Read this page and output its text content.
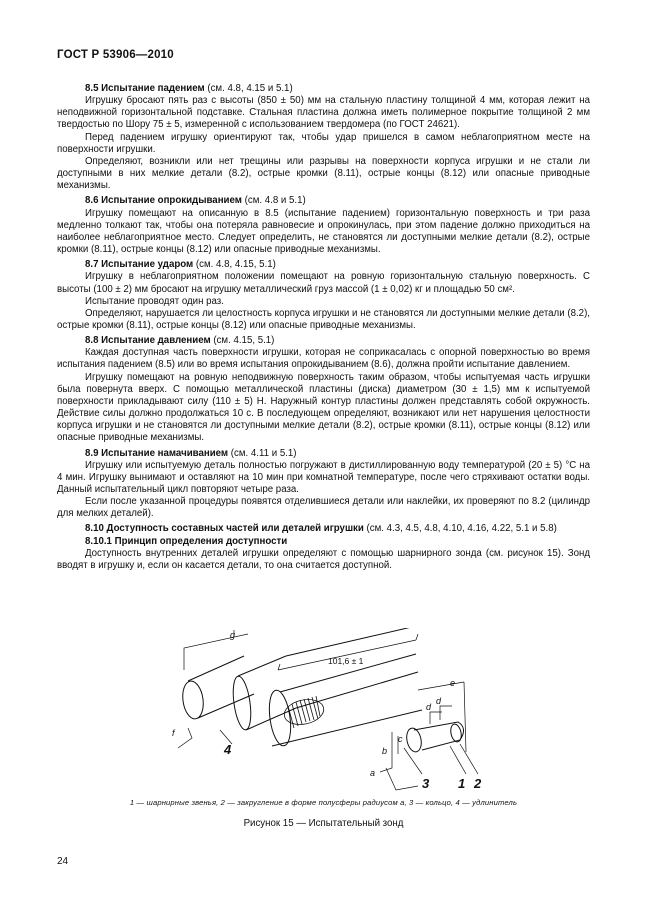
ГОСТ Р 53906—2010

8.5 Испытание падением (см. 4.8, 4.15 и 5.1)

Игрушку бросают пять раз с высоты (850 ± 50) мм на стальную пластину толщиной 4 мм, которая лежит на неподвижной горизонтальной подставке. Стальная пластина должна иметь полимерное покрытие толщиной 2 мм твердостью по Шору 75 ± 5, измеренной с использованием твердомера (по ГОСТ 24621).

Перед падением игрушку ориентируют так, чтобы удар пришелся в самом неблагоприятном месте на поверхности игрушки.

Определяют, возникли или нет трещины или разрывы на поверхности корпуса игрушки и не стали ли доступными в них мелкие детали (8.2), острые кромки (8.11), острые концы (8.12) или опасные приводные механизмы.

8.6 Испытание опрокидыванием (см. 4.8 и 5.1)

Игрушку помещают на описанную в 8.5 (испытание падением) горизонтальную поверхность и три раза медленно толкают так, чтобы она потеряла равновесие и опрокинулась, при этом падение должно приходиться на наиболее неблагоприятное место. Следует определить, не становятся ли доступными мелкие детали (8.2), острые кромки (8.11), острые концы (8.12) или опасные приводные механизмы.

8.7 Испытание ударом (см. 4.8, 4.15, 5.1)

Игрушку в неблагоприятном положении помещают на ровную горизонтальную стальную поверхность. С высоты (100 ± 2) мм бросают на игрушку металлический груз массой (1 ± 0,02) кг и площадью 50 см².

Испытание проводят один раз.

Определяют, нарушается ли целостность корпуса игрушки и не становятся ли доступными мелкие детали (8.2), острые кромки (8.11), острые концы (8.12) или опасные приводные механизмы.

8.8 Испытание давлением (см. 4.15, 5.1)

Каждая доступная часть поверхности игрушки, которая не соприкасалась с опорной поверхностью во время испытания падением (8.5) или во время испытания опрокидыванием (8.6), должна пройти испытание давлением.

Игрушку помещают на ровную неподвижную поверхность таким образом, чтобы испытуемая часть игрушки была повернута вверх. С помощью металлической пластины (диска) диаметром (30 ± 1,5) мм к испытуемой поверхности прикладывают силу (110 ± 5) Н. Наружный контур пластины должен представлять собой окружность. Действие силы должно продолжаться 10 с. В последующем определяют, возникают или нет нарушения целостности корпуса игрушки и не становятся ли доступными мелкие детали (8.2), острые кромки (8.11), острые концы (8.12) или опасные приводные механизмы.

8.9 Испытание намачиванием (см. 4.11 и 5.1)

Игрушку или испытуемую деталь полностью погружают в дистиллированную воду температурой (20 ± 5) °С на 4 мин. Игрушку вынимают и оставляют на 10 мин при комнатной температуре, после чего стряхивают остатки воды. Данный испытательный цикл повторяют четыре раза.

Если после указанной процедуры появятся отделившиеся детали или наклейки, их проверяют по 8.2 (цилиндр для мелких деталей).

8.10 Доступность составных частей или деталей игрушки (см. 4.3, 4.5, 4.8, 4.10, 4.16, 4.22, 5.1 и 5.8)

8.10.1 Принцип определения доступности

Доступность внутренних деталей игрушки определяют с помощью шарнирного зонда (см. рисунок 15). Зонд вводят в игрушку и, если он касается детали, то она считается доступной.

g
101,6 ± 1
e
d
d
c
b
a
f
1 2
3
4
1 — шарнирные звенья, 2 — закругление в форме полусферы радиусом a, 3 — кольцо, 4 — удлинитель
Рисунок 15 — Испытательный зонд
24
